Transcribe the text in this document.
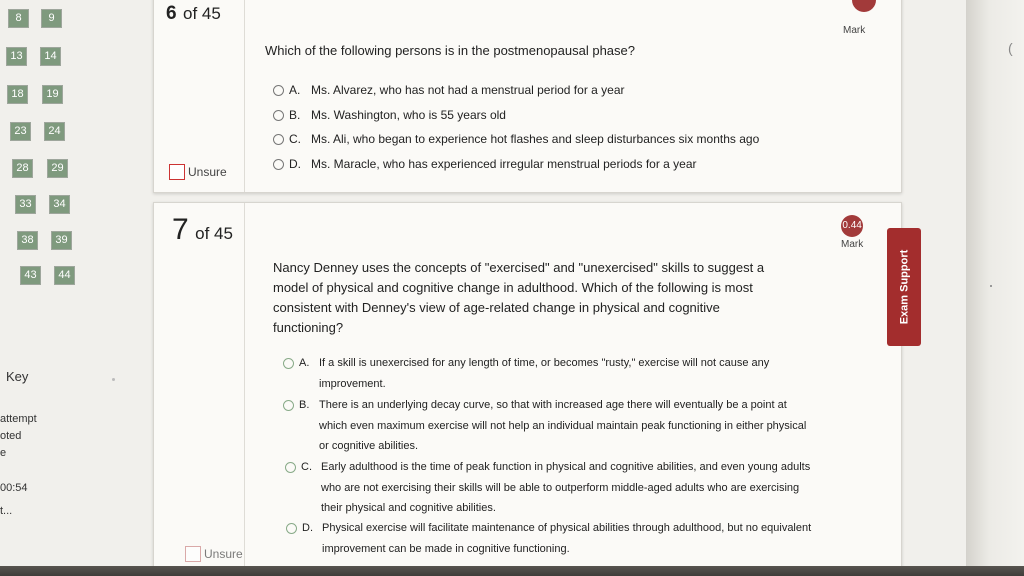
8	9
13	14
18	19
23	24
28	29
33	34
38	39
43	44
Key
attempt
oted
e
00:54
t...
6 of 45
Unsure
Mark
Which of the following persons is in the postmenopausal phase?
A. Ms. Alvarez, who has not had a menstrual period for a year
B. Ms. Washington, who is 55 years old
C. Ms. Ali, who began to experience hot flashes and sleep disturbances six months ago
D. Ms. Maracle, who has experienced irregular menstrual periods for a year
7 of 45
Unsure
0.44
Mark
Nancy Denney uses the concepts of "exercised" and "unexercised" skills to suggest a
model of physical and cognitive change in adulthood. Which of the following is most
consistent with Denney's view of age-related change in physical and cognitive
functioning?
A. If a skill is unexercised for any length of time, or becomes "rusty," exercise will not cause any
improvement.
B. There is an underlying decay curve, so that with increased age there will eventually be a point at
which even maximum exercise will not help an individual maintain peak functioning in either physical
or cognitive abilities.
C. Early adulthood is the time of peak function in physical and cognitive abilities, and even young adults
who are not exercising their skills will be able to outperform middle-aged adults who are exercising
their physical and cognitive abilities.
D. Physical exercise will facilitate maintenance of physical abilities through adulthood, but no equivalent
improvement can be made in cognitive functioning.
Exam Support
(
